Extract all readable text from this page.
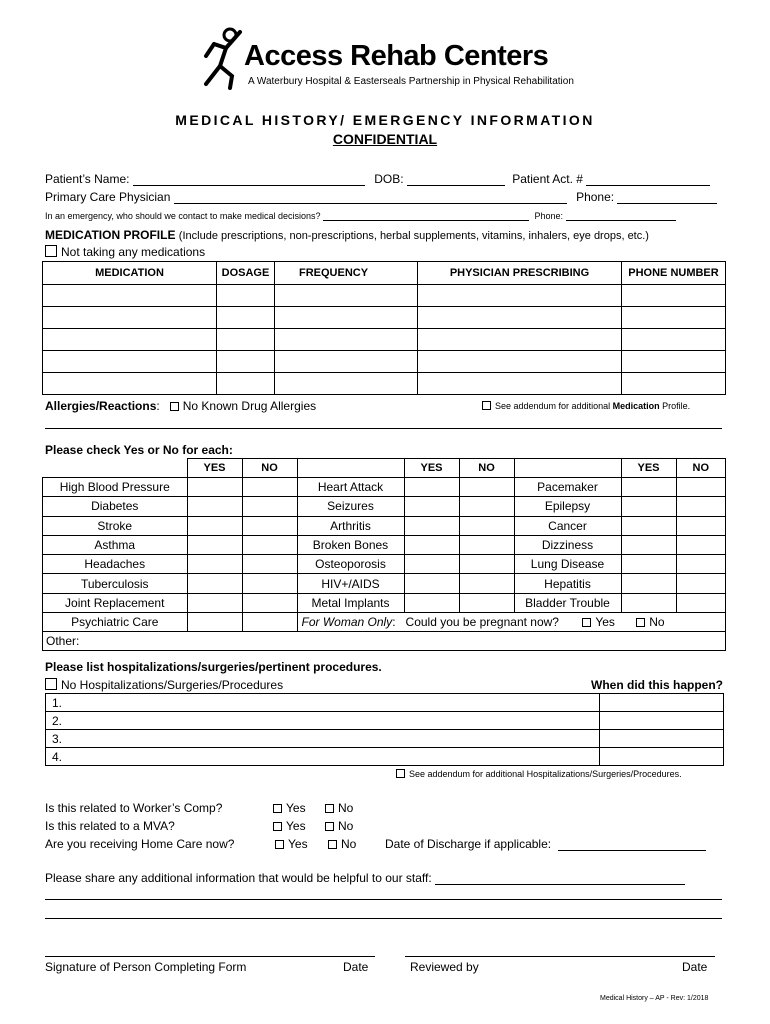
Access Rehab Centers
A Waterbury Hospital & Easterseals Partnership in Physical Rehabilitation
MEDICAL HISTORY/ EMERGENCY INFORMATION
CONFIDENTIAL
Patient’s Name:	DOB:	Patient Act. #
Primary Care Physician	Phone:
In an emergency, who should we contact to make medical decisions?	Phone:
MEDICATION PROFILE (Include prescriptions, non-prescriptions, herbal supplements, vitamins, inhalers, eye drops, etc.)
Not taking any medications
MEDICATION	DOSAGE	FREQUENCY	PHYSICIAN PRESCRIBING	PHONE NUMBER

Allergies/Reactions:   No Known Drug Allergies	See addendum for additional Medication Profile.
Please check Yes or No for each:
	YES	NO		YES	NO		YES	NO
High Blood Pressure			Heart Attack			Pacemaker		
Diabetes			Seizures			Epilepsy		
Stroke			Arthritis			Cancer		
Asthma			Broken Bones			Dizziness		
Headaches			Osteoporosis			Lung Disease		
Tuberculosis			HIV+/AIDS			Hepatitis		
Joint Replacement			Metal Implants			Bladder Trouble		
Psychiatric Care			For Woman Only:   Could you be pregnant now? Yes No					
Other:								
Please list hospitalizations/surgeries/pertinent procedures.
No Hospitalizations/Surgeries/Procedures	When did this happen?
1.	
2.	
3.	
4.	
See addendum for additional Hospitalizations/Surgeries/Procedures.
Is this related to Worker’s Comp?
Is this related to a MVA?
Are you receiving Home Care now?
Yes	No
Yes	No
Yes	No Date of Discharge if applicable:
Please share any additional information that would be helpful to our staff:
Signature of Person Completing Form	Date	Reviewed by	Date
Medical History – AP - Rev: 1/2018
